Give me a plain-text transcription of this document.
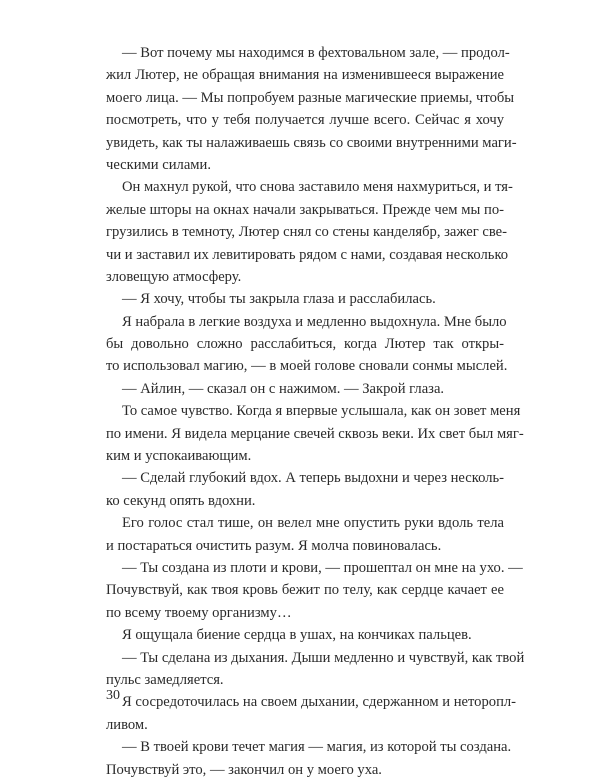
— Вот почему мы находимся в фехтовальном зале, — продол-
жил Лютер, не обращая внимания на изменившееся выражение
моего лица. — Мы попробуем разные магические приемы, чтобы
посмотреть, что у тебя получается лучше всего. Сейчас я хочу
увидеть, как ты налаживаешь связь со своими внутренними маги-
ческими силами.
Он махнул рукой, что снова заставило меня нахмуриться, и тя-
желые шторы на окнах начали закрываться. Прежде чем мы по-
грузились в темноту, Лютер снял со стены канделябр, зажег све-
чи и заставил их левитировать рядом с нами, создавая несколько
зловещую атмосферу.
— Я хочу, чтобы ты закрыла глаза и расслабилась.
Я набрала в легкие воздуха и медленно выдохнула. Мне было
бы довольно сложно расслабиться, когда Лютер так откры-
то использовал магию, — в моей голове сновали сонмы мыслей.
— Айлин, — сказал он с нажимом. — Закрой глаза.
То самое чувство. Когда я впервые услышала, как он зовет меня
по имени. Я видела мерцание свечей сквозь веки. Их свет был мяг-
ким и успокаивающим.
— Сделай глубокий вдох. А теперь выдохни и через несколь-
ко секунд опять вдохни.
Его голос стал тише, он велел мне опустить руки вдоль тела
и постараться очистить разум. Я молча повиновалась.
— Ты создана из плоти и крови, — прошептал он мне на ухо. —
Почувствуй, как твоя кровь бежит по телу, как сердце качает ее
по всему твоему организму…
Я ощущала биение сердца в ушах, на кончиках пальцев.
— Ты сделана из дыхания. Дыши медленно и чувствуй, как твой
пульс замедляется.
Я сосредоточилась на своем дыхании, сдержанном и неторопл-
ливом.
— В твоей крови течет магия — магия, из которой ты создана.
Почувствуй это, — закончил он у моего уха.
30
